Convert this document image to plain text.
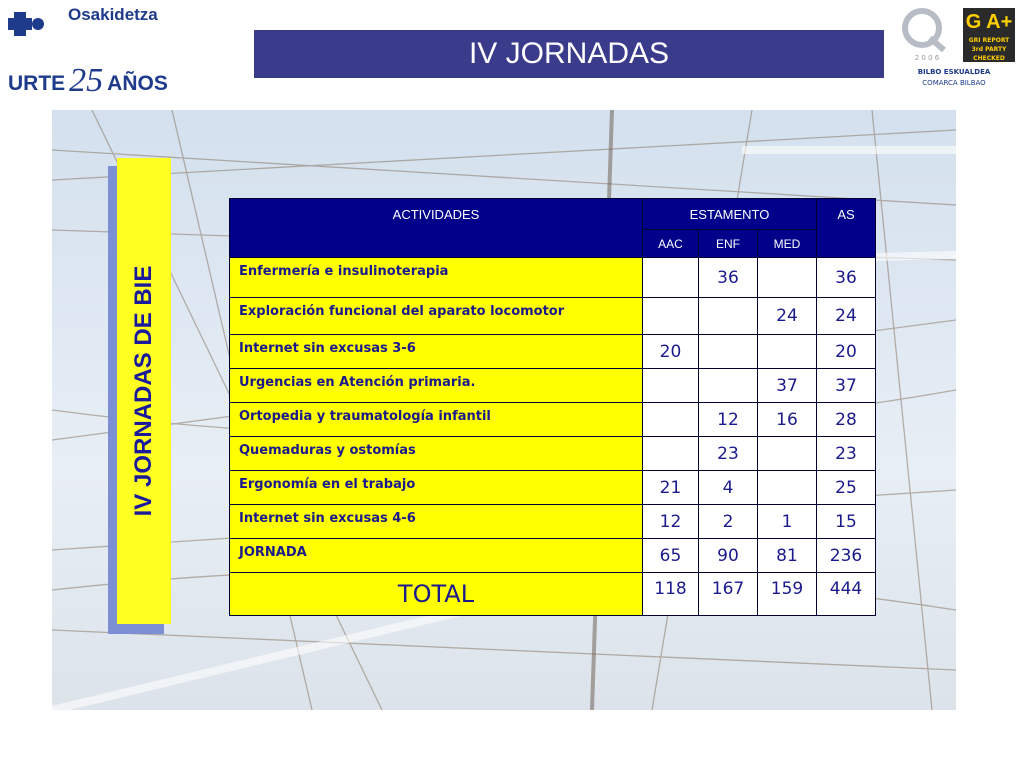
Osakidetza
URTE 25 AÑOS
IV JORNADAS	2 0 0 6
G A+
GRI REPORT
3rd PARTY CHECKED
BILBO ESKUALDEA
COMARCA BILBAO
IV JORNADAS DE BIE
ACTIVIDADES	ESTAMENTO			AS
	AAC	ENF	MED	
Enfermería e insulinoterapia		36		36
Exploración funcional del aparato locomotor			24	24
Internet sin excusas 3-6	20			20
Urgencias en Atención primaria.			37	37
Ortopedia y traumatología infantil		12	16	28
Quemaduras y ostomías		23		23
Ergonomía en el trabajo	21	4		25
Internet sin excusas 4-6	12	2	1	15
JORNADA	65	90	81	236
TOTAL	118	167	159	444
